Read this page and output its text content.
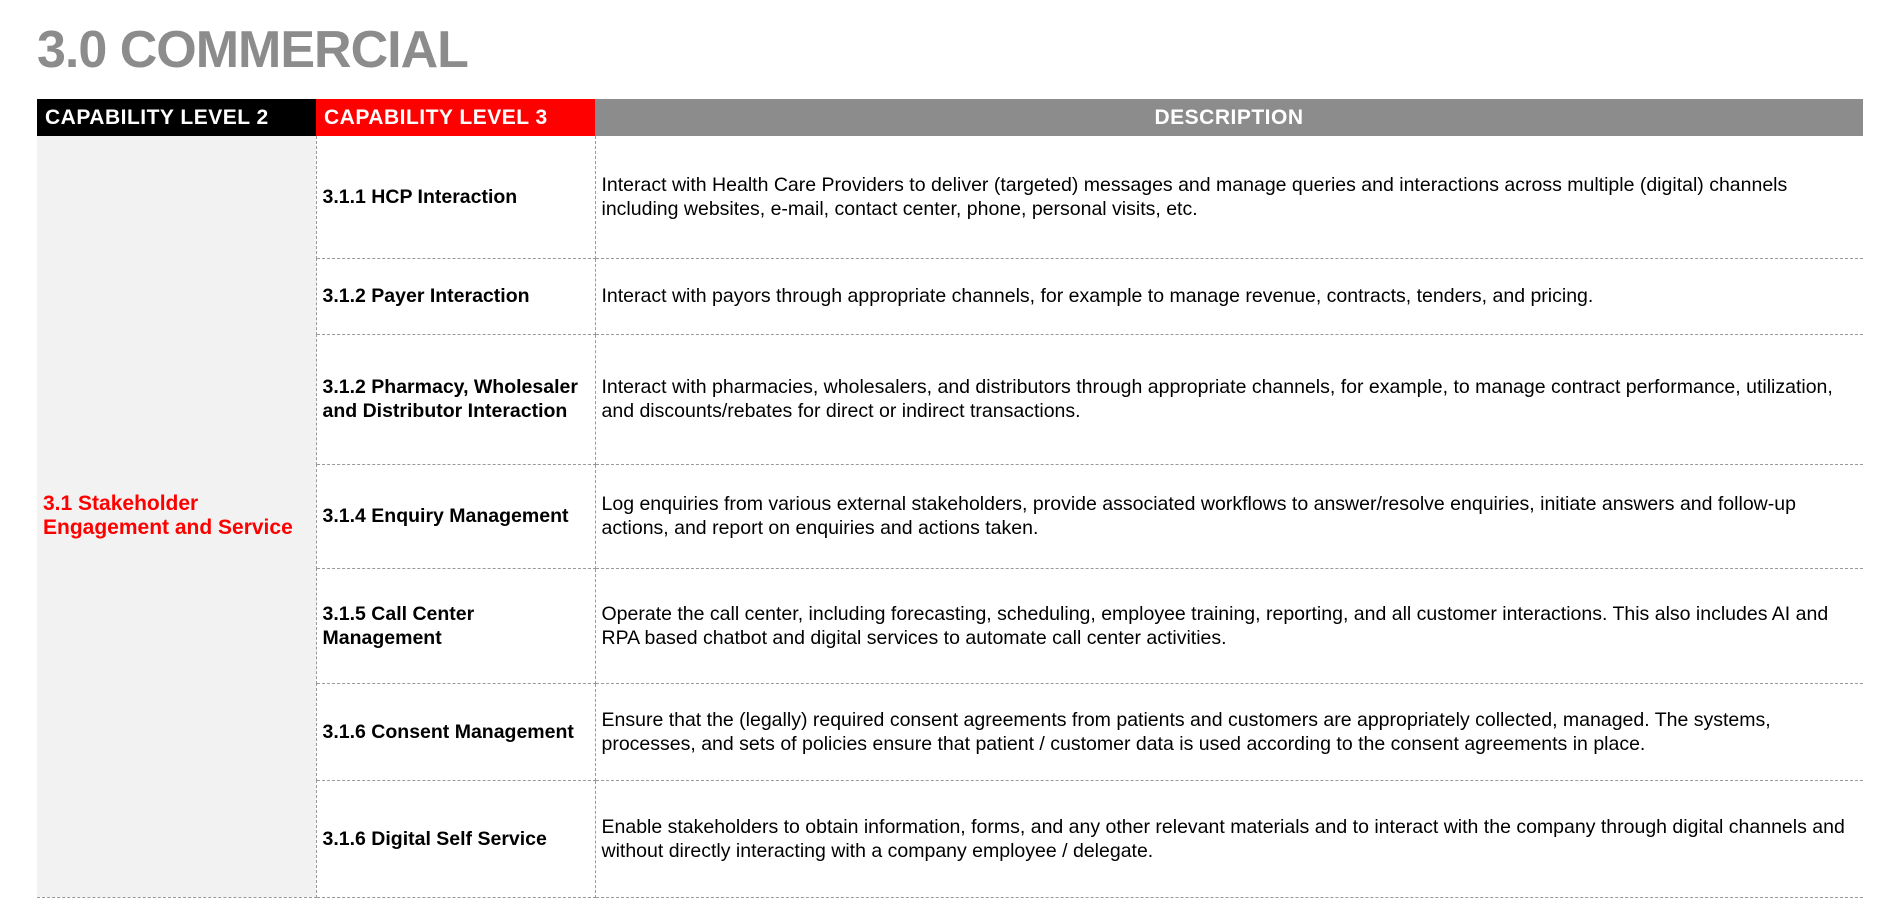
3.0 COMMERCIAL
CAPABILITY LEVEL 2	CAPABILITY LEVEL 3	DESCRIPTION

3.1 Stakeholder Engagement and Service	3.1.1 HCP Interaction	Interact with Health Care Providers to deliver (targeted) messages and manage queries and interactions across multiple (digital) channels including websites, e-mail, contact center, phone, personal visits, etc.
	3.1.2 Payer Interaction	Interact with payors through appropriate channels, for example to manage revenue, contracts, tenders, and pricing.
	3.1.2 Pharmacy, Wholesaler and Distributor Interaction	Interact with pharmacies, wholesalers, and distributors through appropriate channels, for example, to manage contract performance, utilization, and discounts/rebates for direct or indirect transactions.
	3.1.4 Enquiry Management	Log enquiries from various external stakeholders, provide associated workflows to answer/resolve enquiries, initiate answers and follow-up actions, and report on enquiries and actions taken.
	3.1.5 Call Center Management	Operate the call center, including forecasting, scheduling, employee training, reporting, and all customer interactions. This also includes AI and RPA based chatbot and digital services to automate call center activities.
	3.1.6 Consent Management	Ensure that the (legally) required consent agreements from patients and customers are appropriately collected, managed. The systems, processes, and sets of policies ensure that patient / customer data is used according to the consent agreements in place.
	3.1.6 Digital Self Service	Enable stakeholders to obtain information, forms, and any other relevant materials and to interact with the company through digital channels and without directly interacting with a company employee / delegate.
